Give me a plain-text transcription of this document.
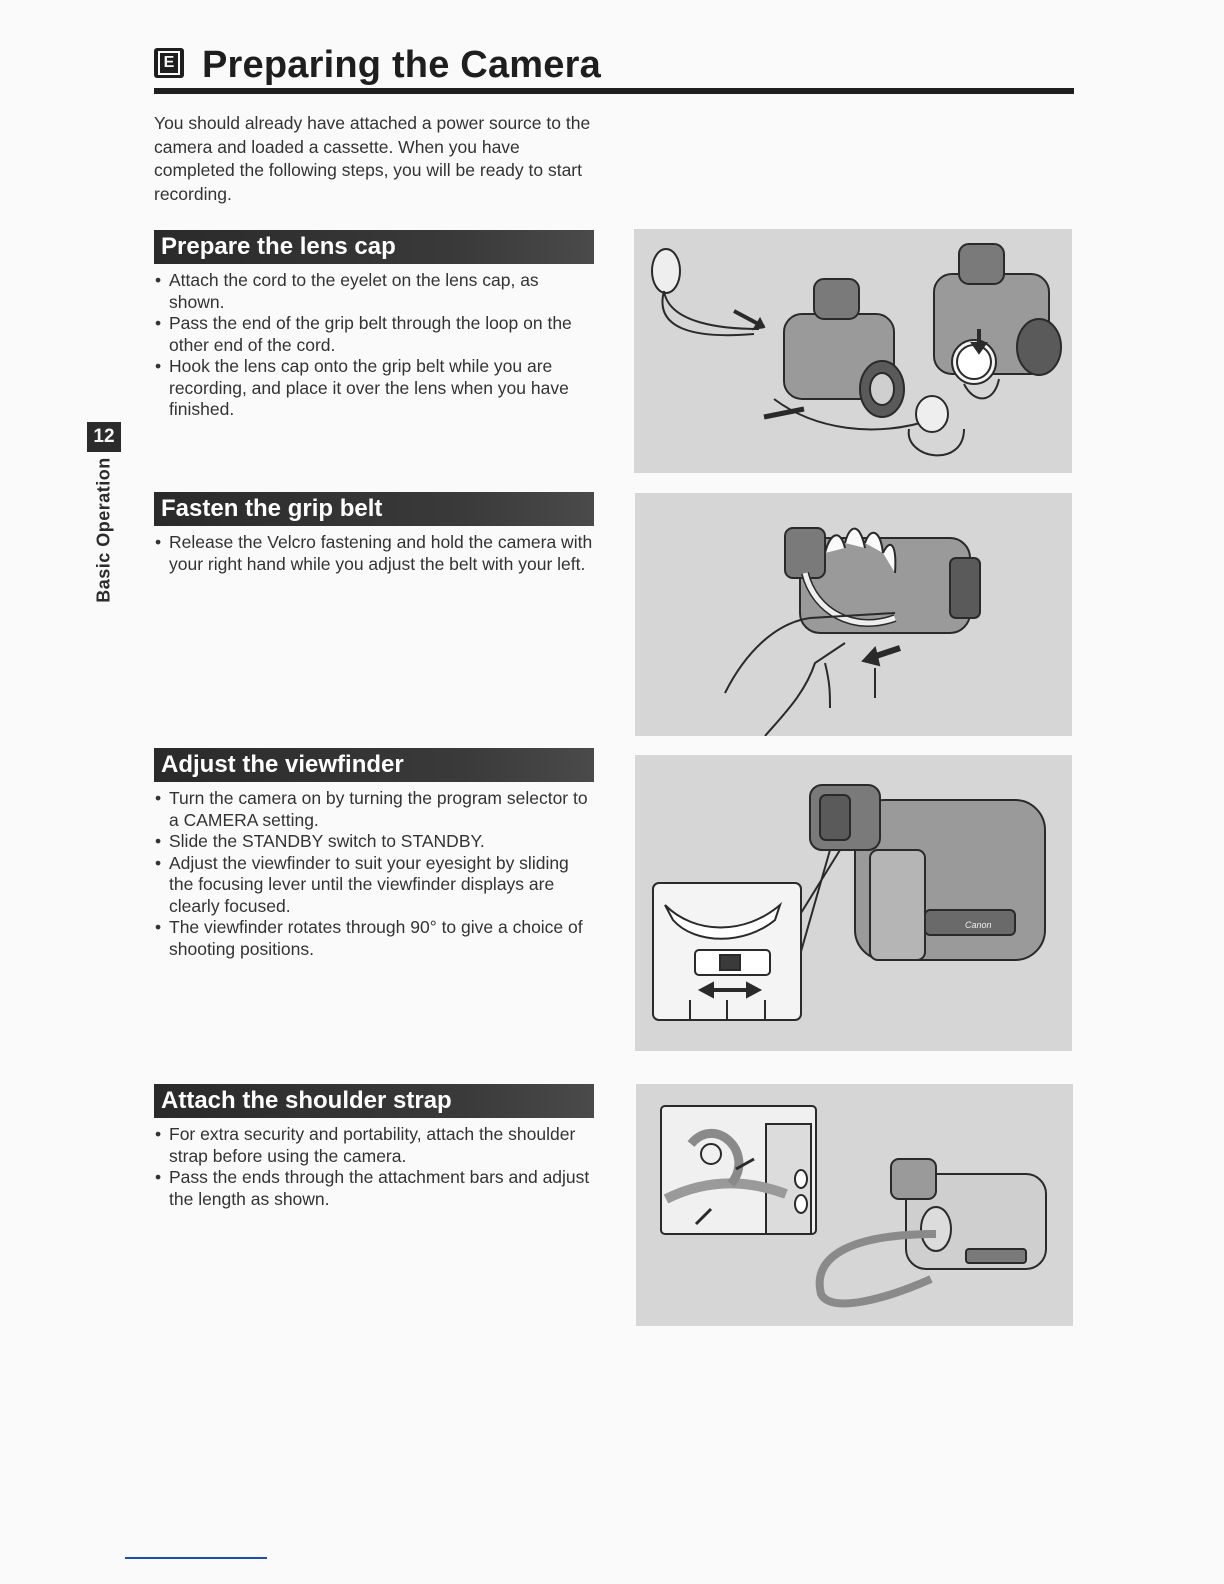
E Preparing the Camera

You should already have attached a power source to the camera and loaded a cassette. When you have completed the following steps, you will be ready to start recording.

12
Basic Operation
Prepare the lens cap
• Attach the cord to the eyelet on the lens cap, as shown.
• Pass the end of the grip belt through the loop on the other end of the cord.
• Hook the lens cap onto the grip belt while you are recording, and place it over the lens when you have finished.
Fasten the grip belt
• Release the Velcro fastening and hold the camera with your right hand while you adjust the belt with your left.
Adjust the viewfinder
• Turn the camera on by turning the program selector to a CAMERA setting.
• Slide the STANDBY switch to STANDBY.
• Adjust the viewfinder to suit your eyesight by sliding the focusing lever until the viewfinder displays are clearly focused.
• The viewfinder rotates through 90° to give a choice of shooting positions.
Attach the shoulder strap
• For extra security and portability, attach the shoulder strap before using the camera.
• Pass the ends through the attachment bars and adjust the length as shown.
Canon
